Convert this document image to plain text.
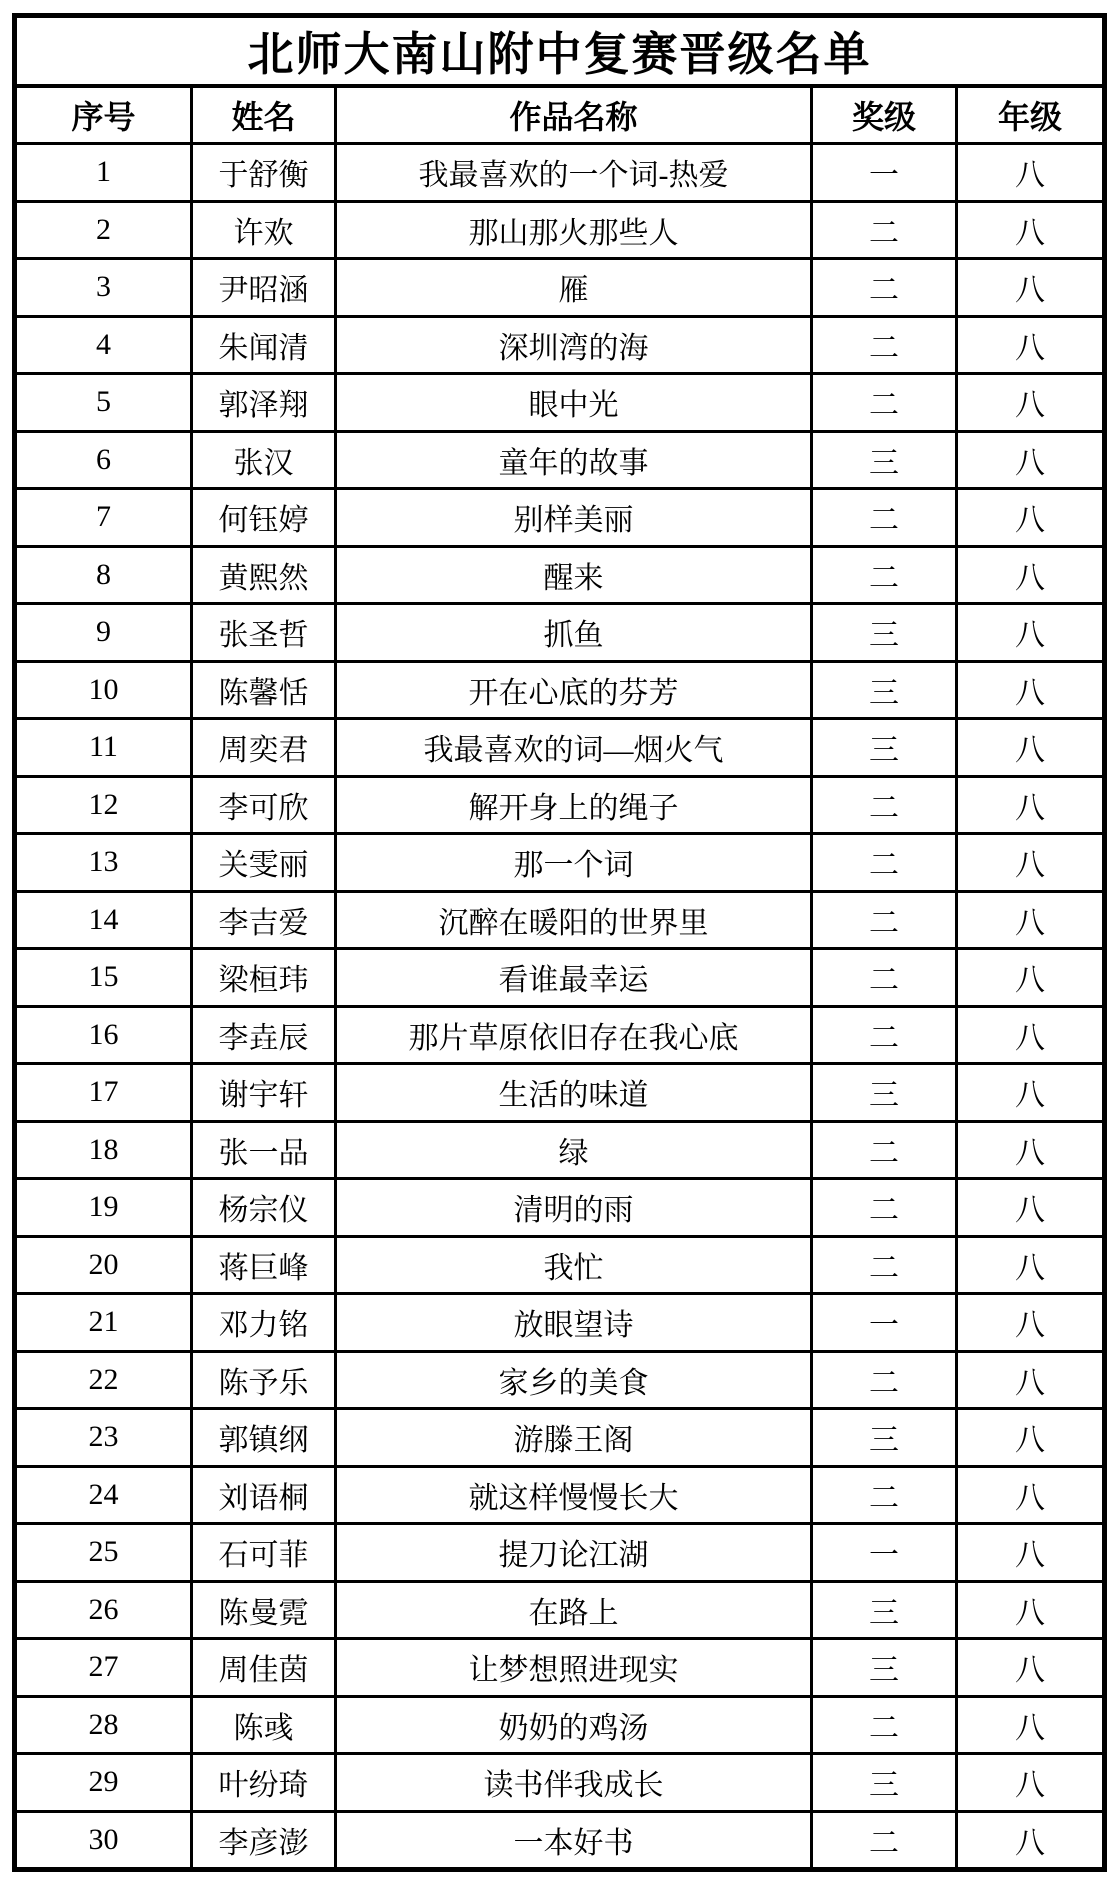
北师大南山附中复赛晋级名单				
序号	姓名	作品名称	奖级	年级
1	于舒衡	我最喜欢的一个词-热爱	一	八
2	许欢	那山那火那些人	二	八
3	尹昭涵	雁	二	八
4	朱闻清	深圳湾的海	二	八
5	郭泽翔	眼中光	二	八
6	张汉	童年的故事	三	八
7	何钰婷	别样美丽	二	八
8	黄熙然	醒来	二	八
9	张圣哲	抓鱼	三	八
10	陈馨恬	开在心底的芬芳	三	八
11	周奕君	我最喜欢的词—烟火气	三	八
12	李可欣	解开身上的绳子	二	八
13	关雯丽	那一个词	二	八
14	李吉爱	沉醉在暖阳的世界里	二	八
15	梁桓玮	看谁最幸运	二	八
16	李垚辰	那片草原依旧存在我心底	二	八
17	谢宇轩	生活的味道	三	八
18	张一品	绿	二	八
19	杨宗仪	清明的雨	二	八
20	蒋巨峰	我忙	二	八
21	邓力铭	放眼望诗	一	八
22	陈予乐	家乡的美食	二	八
23	郭镇纲	游滕王阁	三	八
24	刘语桐	就这样慢慢长大	二	八
25	石可菲	提刀论江湖	一	八
26	陈曼霓	在路上	三	八
27	周佳茵	让梦想照进现实	三	八
28	陈彧	奶奶的鸡汤	二	八
29	叶纷琦	读书伴我成长	三	八
30	李彦澎	一本好书	二	八
